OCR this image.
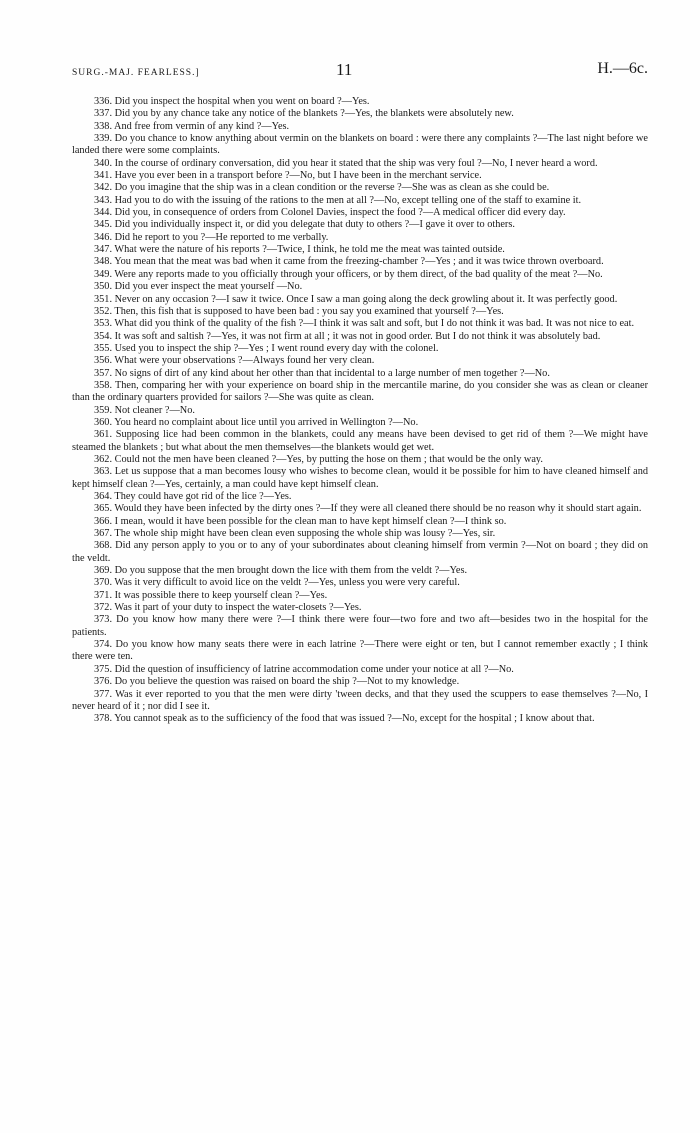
SURG.-MAJ. FEARLESS.]	11	H.—6c.

336. Did you inspect the hospital when you went on board ?—Yes.

337. Did you by any chance take any notice of the blankets ?—Yes, the blankets were absolutely new.

338. And free from vermin of any kind ?—Yes.

339. Do you chance to know anything about vermin on the blankets on board : were there any complaints ?—The last night before we landed there were some complaints.

340. In the course of ordinary conversation, did you hear it stated that the ship was very foul ?—No, I never heard a word.

341. Have you ever been in a transport before ?—No, but I have been in the merchant service.

342. Do you imagine that the ship was in a clean condition or the reverse ?—She was as clean as she could be.

343. Had you to do with the issuing of the rations to the men at all ?—No, except telling one of the staff to examine it.

344. Did you, in consequence of orders from Colonel Davies, inspect the food ?—A medical officer did every day.

345. Did you individually inspect it, or did you delegate that duty to others ?—I gave it over to others.

346. Did he report to you ?—He reported to me verbally.

347. What were the nature of his reports ?—Twice, I think, he told me the meat was tainted outside.

348. You mean that the meat was bad when it came from the freezing-chamber ?—Yes ; and it was twice thrown overboard.

349. Were any reports made to you officially through your officers, or by them direct, of the bad quality of the meat ?—No.

350. Did you ever inspect the meat yourself —No.

351. Never on any occasion ?—I saw it twice. Once I saw a man going along the deck growling about it. It was perfectly good.

352. Then, this fish that is supposed to have been bad : you say you examined that yourself ?—Yes.

353. What did you think of the quality of the fish ?—I think it was salt and soft, but I do not think it was bad. It was not nice to eat.

354. It was soft and saltish ?—Yes, it was not firm at all ; it was not in good order. But I do not think it was absolutely bad.

355. Used you to inspect the ship ?—Yes ; I went round every day with the colonel.

356. What were your observations ?—Always found her very clean.

357. No signs of dirt of any kind about her other than that incidental to a large number of men together ?—No.

358. Then, comparing her with your experience on board ship in the mercantile marine, do you consider she was as clean or cleaner than the ordinary quarters provided for sailors ?—She was quite as clean.

359. Not cleaner ?—No.

360. You heard no complaint about lice until you arrived in Wellington ?—No.

361. Supposing lice had been common in the blankets, could any means have been devised to get rid of them ?—We might have steamed the blankets ; but what about the men themselves—the blankets would get wet.

362. Could not the men have been cleaned ?—Yes, by putting the hose on them ; that would be the only way.

363. Let us suppose that a man becomes lousy who wishes to become clean, would it be possible for him to have cleaned himself and kept himself clean ?—Yes, certainly, a man could have kept himself clean.

364. They could have got rid of the lice ?—Yes.

365. Would they have been infected by the dirty ones ?—If they were all cleaned there should be no reason why it should start again.

366. I mean, would it have been possible for the clean man to have kept himself clean ?—I think so.

367. The whole ship might have been clean even supposing the whole ship was lousy ?—Yes, sir.

368. Did any person apply to you or to any of your subordinates about cleaning himself from vermin ?—Not on board ; they did on the veldt.

369. Do you suppose that the men brought down the lice with them from the veldt ?—Yes.

370. Was it very difficult to avoid lice on the veldt ?—Yes, unless you were very careful.

371. It was possible there to keep yourself clean ?—Yes.

372. Was it part of your duty to inspect the water-closets ?—Yes.

373. Do you know how many there were ?—I think there were four—two fore and two aft—besides two in the hospital for the patients.

374. Do you know how many seats there were in each latrine ?—There were eight or ten, but I cannot remember exactly ; I think there were ten.

375. Did the question of insufficiency of latrine accommodation come under your notice at all ?—No.

376. Do you believe the question was raised on board the ship ?—Not to my knowledge.

377. Was it ever reported to you that the men were dirty 'tween decks, and that they used the scuppers to ease themselves ?—No, I never heard of it ; nor did I see it.

378. You cannot speak as to the sufficiency of the food that was issued ?—No, except for the hospital ; I know about that.
